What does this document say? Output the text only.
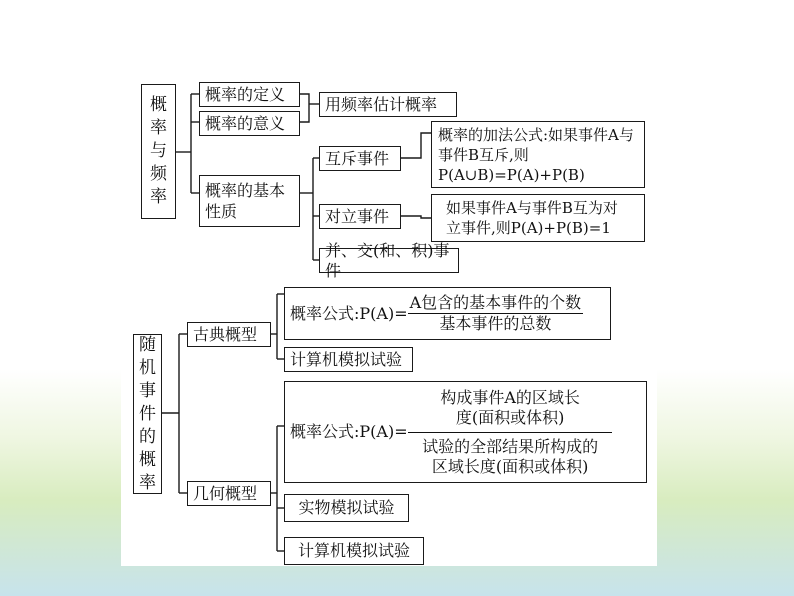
概率与频率
概率的定义
概率的意义
用频率估计概率
概率的基本性质
互斥事件
概率的加法公式:如果事件A与事件B互斥,则P(A∪B)=P(A)+P(B)
对立事件	如果事件A与事件B互为对立事件,则P(A)+P(B)=1
并、交(和、积)事件
随机事件的概率
古典概型
概率公式:P(A)= $\frac{\text{A包含的基本事件的个数}}{\text{基本事件的总数}}$
计算机模拟试验
几何概型
概率公式:P(A)= $\frac{\text{构成事件A的区域长度(面积或体积)}}{\text{试验的全部结果所构成的区域长度(面积或体积)}}$
实物模拟试验
计算机模拟试验
